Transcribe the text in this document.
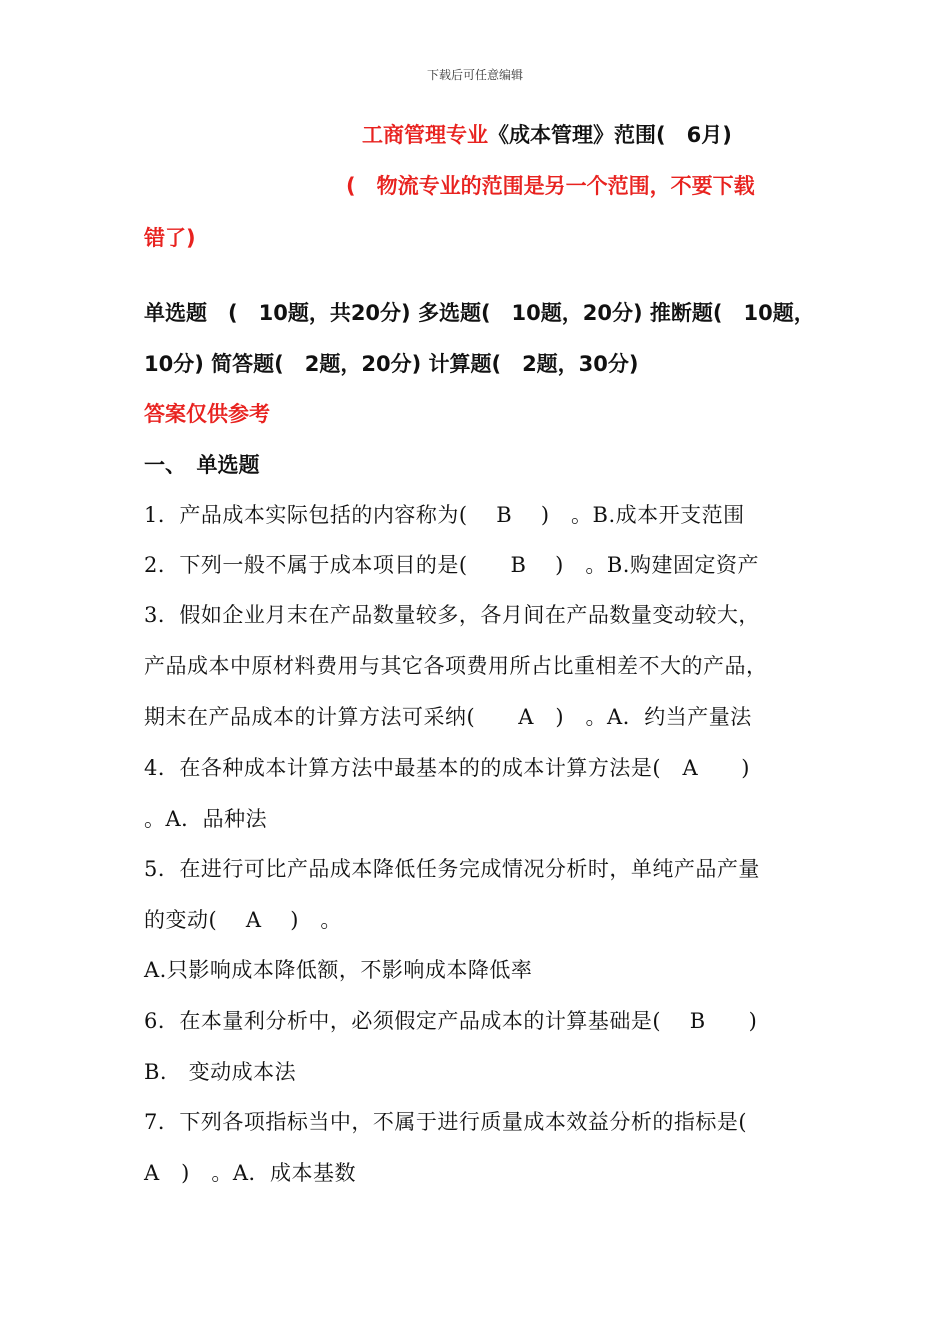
下载后可任意编辑
工商管理专业《成本管理》范围(　6月)
(　物流专业的范围是另一个范围，不要下载
错了)
单选题　(　10题，共20分) 多选题(　10题，20分) 推断题(　10题，
10分) 简答题(　2题，20分) 计算题(　2题，30分)
答案仅供参考
一、　单选题
1．产品成本实际包括的内容称为(　 B　 )　。B.成本开支范围
2．下列一般不属于成本项目的是(　　B　 )　。B.购建固定资产
3．假如企业月末在产品数量较多，各月间在产品数量变动较大，
产品成本中原材料费用与其它各项费用所占比重相差不大的产品，
期末在产品成本的计算方法可采纳(　　A　)　。A．约当产量法
4．在各种成本计算方法中最基本的的成本计算方法是(　A　　)
。A．品种法
5．在进行可比产品成本降低任务完成情况分析时，单纯产品产量
的变动(　 A　 )　。
A.只影响成本降低额，不影响成本降低率
6．在本量利分析中，必须假定产品成本的计算基础是(　 B　　)
B.　变动成本法
7．下列各项指标当中，不属于进行质量成本效益分析的指标是(
A　)　。A．成本基数
